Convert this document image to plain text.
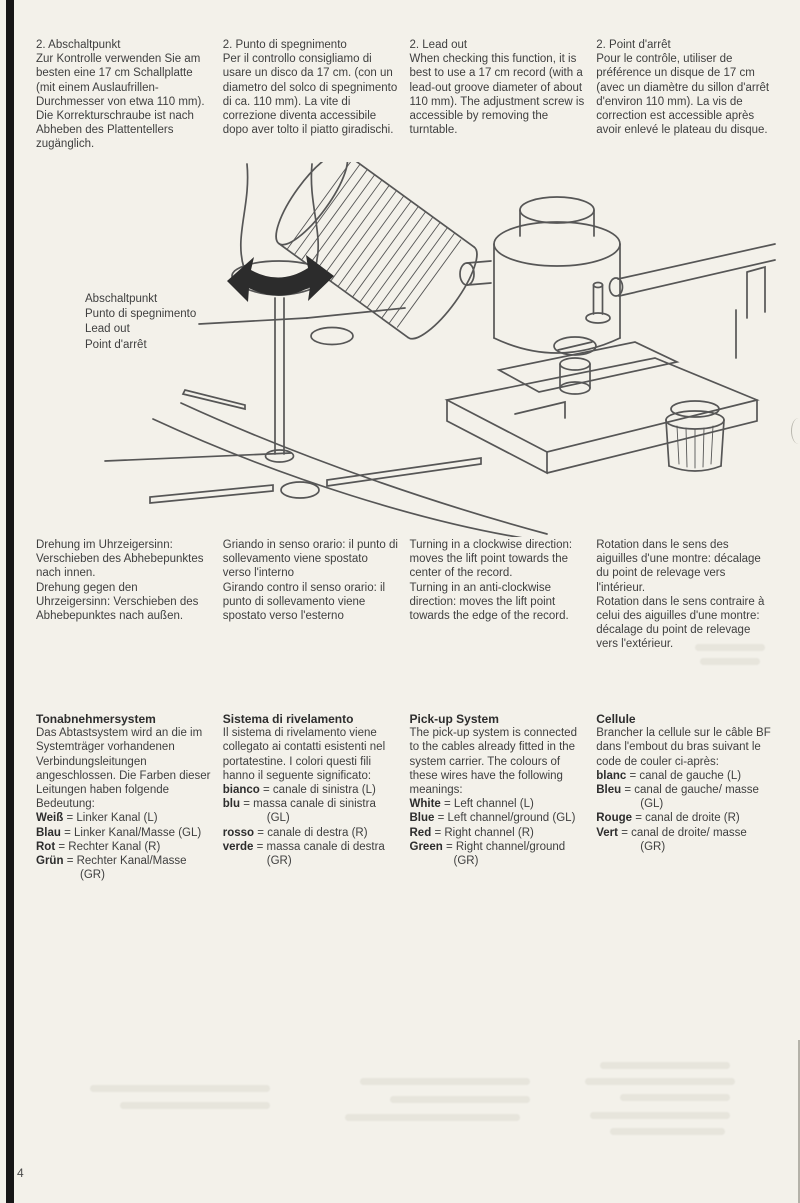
2. Abschaltpunkt

Zur Kontrolle verwenden Sie am besten eine 17 cm Schallplatte (mit einem Auslaufrillen-Durchmesser von etwa 110 mm). Die Korrekturschraube ist nach Abheben des Plattentellers zugänglich.

2. Punto di spegnimento

Per il controllo consigliamo di usare un disco da 17 cm. (con un diametro del solco di spegnimento di ca. 110 mm). La vite di correzione diventa accessibile dopo aver tolto il piatto giradischi.

2. Lead out

When checking this function, it is best to use a 17 cm record (with a lead-out groove diameter of about 110 mm). The adjustment screw is accessible by removing the turntable.

2. Point d'arrêt

Pour le contrôle, utiliser de préférence un disque de 17 cm (avec un diamètre du sillon d'arrêt d'environ 110 mm). La vis de correction est accessible après avoir enlevé le plateau du disque.

Abschaltpunkt
Punto di spegnimento
Lead out
Point d'arrêt

Drehung im Uhrzeigersinn: Verschieben des Abhebepunktes nach innen.

Drehung gegen den Uhrzeigersinn: Verschieben des Abhebepunktes nach außen.

Griando in senso orario: il punto di sollevamento viene spostato verso l'interno

Girando contro il senso orario: il punto di sollevamento viene spostato verso l'esterno

Turning in a clockwise direction: moves the lift point towards the center of the record.

Turning in an anti-clockwise direction: moves the lift point towards the edge of the record.

Rotation dans le sens des aiguilles d'une montre: décalage du point de relevage vers l'intérieur.

Rotation dans le sens contraire à celui des aiguilles d'une montre: décalage du point de relevage vers l'extérieur.

Tonabnehmersystem

Das Abtastsystem wird an die im Systemträger vorhandenen Verbindungsleitungen angeschlossen. Die Farben dieser Leitungen haben folgende Bedeutung:

Weiß = Linker Kanal (L)

Blau = Linker Kanal/Masse (GL)

Rot = Rechter Kanal (R)

Grün = Rechter Kanal/Masse (GR)

Sistema di rivelamento

Il sistema di rivelamento viene collegato ai contatti esistenti nel portatestine. I colori questi fili hanno il seguente significato:

bianco = canale di sinistra (L)

blu = massa canale di sinistra (GL)

rosso = canale di destra (R)

verde = massa canale di destra (GR)

Pick-up System

The pick-up system is connected to the cables already fitted in the system carrier. The colours of these wires have the following meanings:

White = Left channel (L)

Blue = Left channel/ground (GL)

Red = Right channel (R)

Green = Right channel/ground (GR)

Cellule

Brancher la cellule sur le câble BF dans l'embout du bras suivant le code de couler ci-après:

blanc = canal de gauche (L)

Bleu = canal de gauche/ masse (GL)

Rouge = canal de droite (R)

Vert = canal de droite/ masse (GR)

4
